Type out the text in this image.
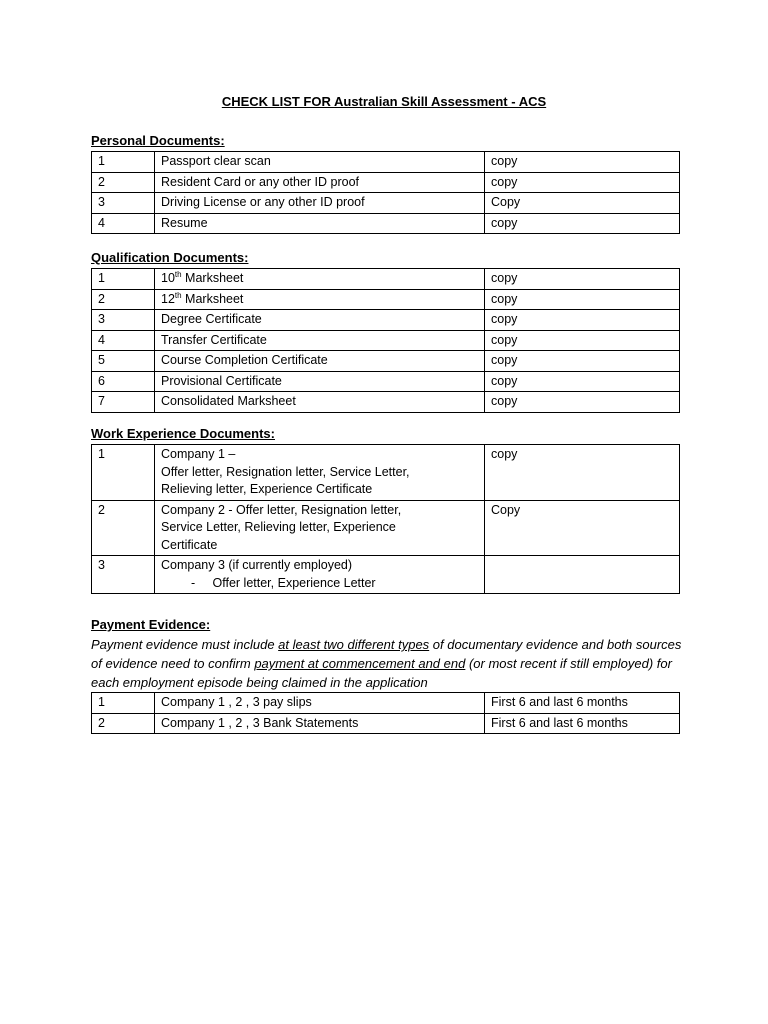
CHECK LIST FOR Australian Skill Assessment - ACS
Personal Documents:
1	Passport clear scan	copy
2	Resident Card or any other ID proof	copy
3	Driving License or any other ID proof	Copy
4	Resume	copy
Qualification Documents:
1	10th Marksheet	copy
2	12th Marksheet	copy
3	Degree Certificate	copy
4	Transfer Certificate	copy
5	Course Completion Certificate	copy
6	Provisional Certificate	copy
7	Consolidated Marksheet	copy
Work Experience Documents:
1	Company 1 –
Offer letter, Resignation letter, Service Letter,
Relieving letter, Experience Certificate	copy
2	Company 2 - Offer letter, Resignation letter,
Service Letter, Relieving letter, Experience
Certificate	Copy
3	Company 3 (if currently employed)
-     Offer letter, Experience Letter	

Payment Evidence:
Payment evidence must include at least two different types of documentary evidence and both sources of evidence need to confirm payment at commencement and end (or most recent if still employed) for each employment episode being claimed in the application
1	Company 1 , 2 , 3 pay slips	First 6 and last 6 months
2	Company 1 , 2 , 3 Bank Statements	First 6 and last 6 months
